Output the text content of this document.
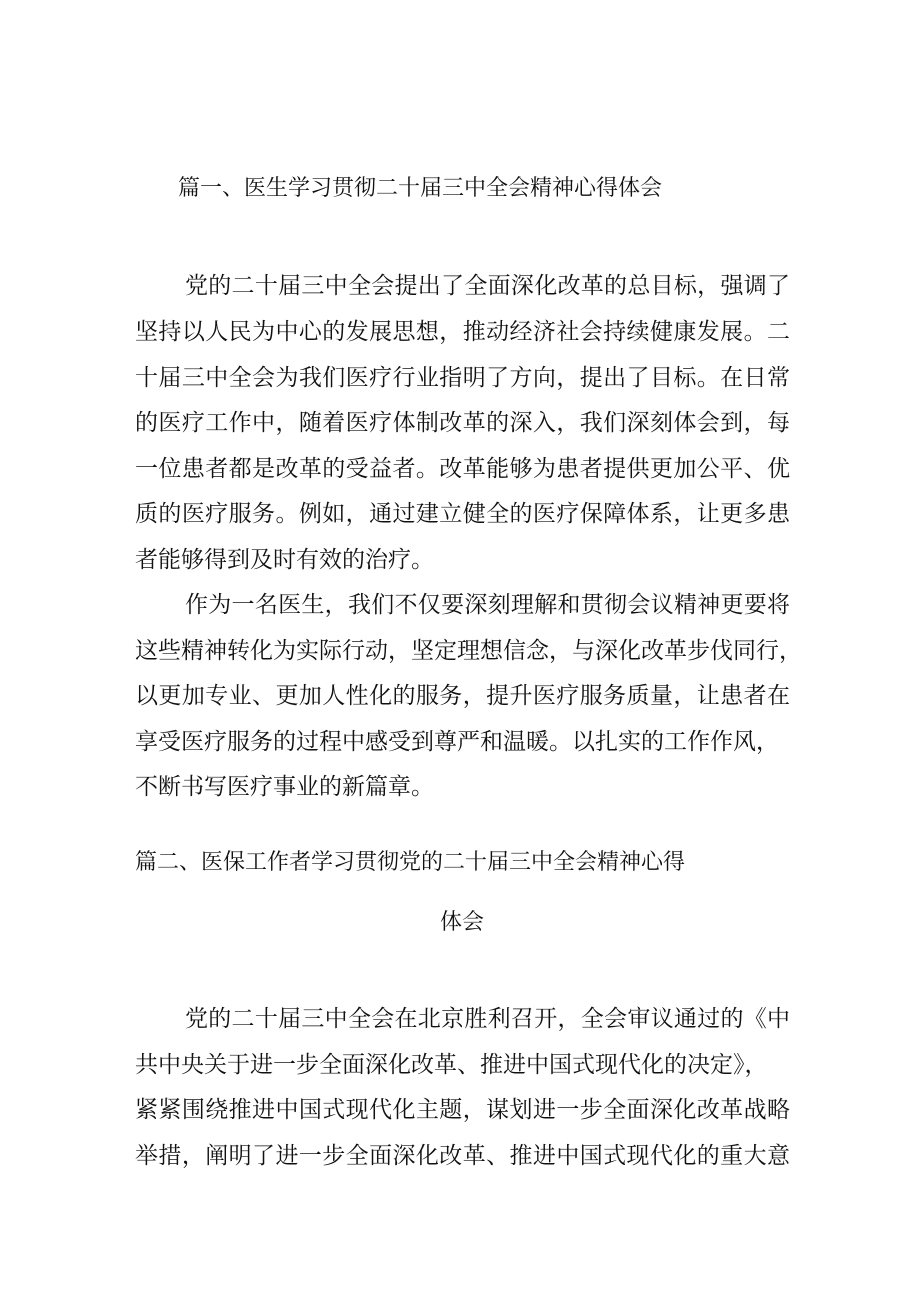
篇一、医生学习贯彻二十届三中全会精神心得体会
党的二十届三中全会提出了全面深化改革的总目标，强调了
坚持以人民为中心的发展思想，推动经济社会持续健康发展。二
十届三中全会为我们医疗行业指明了方向，提出了目标。在日常
的医疗工作中，随着医疗体制改革的深入，我们深刻体会到，每
一位患者都是改革的受益者。改革能够为患者提供更加公平、优
质的医疗服务。例如，通过建立健全的医疗保障体系，让更多患
者能够得到及时有效的治疗。
作为一名医生，我们不仅要深刻理解和贯彻会议精神更要将
这些精神转化为实际行动，坚定理想信念，与深化改革步伐同行，
以更加专业、更加人性化的服务，提升医疗服务质量，让患者在
享受医疗服务的过程中感受到尊严和温暖。以扎实的工作作风，
不断书写医疗事业的新篇章。
篇二、医保工作者学习贯彻党的二十届三中全会精神心得
体会
党的二十届三中全会在北京胜利召开，全会审议通过的《中
共中央关于进一步全面深化改革、推进中国式现代化的决定》，
紧紧围绕推进中国式现代化主题，谋划进一步全面深化改革战略
举措，阐明了进一步全面深化改革、推进中国式现代化的重大意
